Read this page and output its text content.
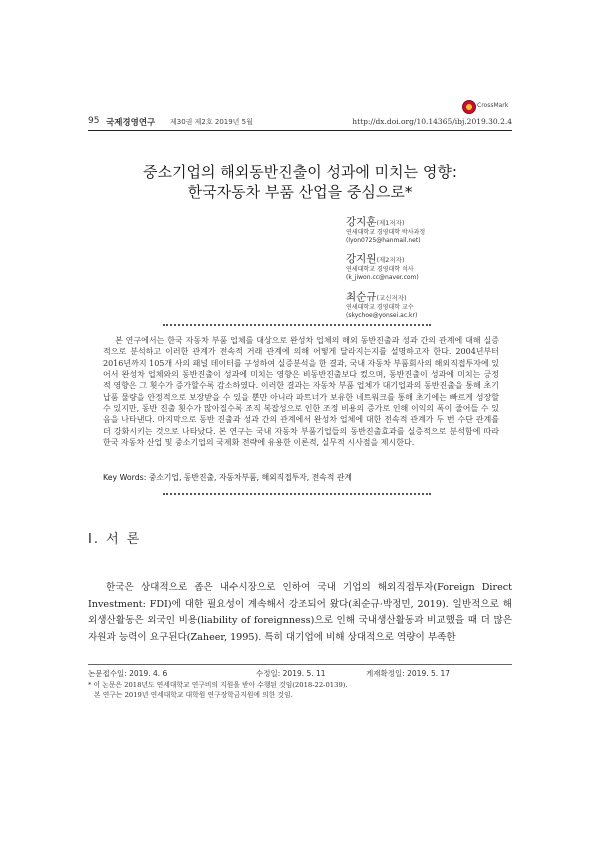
CrossMark
95 국제경영연구 제30권 제2호 2019년 5월	http://dx.doi.org/10.14365/ibj.2019.30.2.4
중소기업의 해외동반진출이 성과에 미치는 영향:
한국자동차 부품 산업을 중심으로*
강지훈(제1저자)
연세대학교 경영대학 박사과정
(lyon0725@hanmail.net)
강지원(제2저자)
연세대학교 경영대학 석사
(k_jiwon.cc@naver.com)
최순규(교신저자)
연세대학교 경영대학 교수
(skychoe@yonsei.ac.kr)

본 연구에서는 한국 자동차 부품 업체를 대상으로 완성차 업체의 해외 동반진출과 성과 간의 관계에 대해 실증적으로 분석하고 이러한 관계가 전속적 거래 관계에 의해 어떻게 달라지는지를 설명하고자 한다. 2004년부터 2016년까지 105개 사의 패널 데이터를 구성하여 실증분석을 한 결과, 국내 자동차 부품회사의 해외직접투자에 있어서 완성차 업체와의 동반진출이 성과에 미치는 영향은 비동반진출보다 컸으며, 동반진출이 성과에 미치는 긍정적 영향은 그 횟수가 증가할수록 감소하였다. 이러한 결과는 자동차 부품 업체가 대기업과의 동반진출을 통해 초기 납품 물량을 안정적으로 보장받을 수 있을 뿐만 아니라 파트너가 보유한 네트워크를 통해 초기에는 빠르게 성장할 수 있지만, 동반 진출 횟수가 많아질수록 조직 복잡성으로 인한 조정 비용의 증가로 인해 이익의 폭이 줄어들 수 있음을 나타낸다. 마지막으로 동반 진출과 성과 간의 관계에서 완성차 업체에 대한 전속적 관계가 두 번 수단 관계를 더 강화시키는 것으로 나타났다. 본 연구는 국내 자동차 부품기업들의 동반진출효과를 실증적으로 분석함에 따라 한국 자동차 산업 및 중소기업의 국제화 전략에 유용한 이론적, 실무적 시사점을 제시한다.

Key Words: 중소기업, 동반진출, 자동차부품, 해외직접투자, 전속적 관계
Ⅰ. 서 론

한국은 상대적으로 좁은 내수시장으로 인하여 국내 기업의 해외직접투자(Foreign Direct Investment: FDI)에 대한 필요성이 계속해서 강조되어 왔다(최순규·박정민, 2019). 일반적으로 해외생산활동은 외국인 비용(liability of foreignness)으로 인해 국내생산활동과 비교했을 때 더 많은 자원과 능력이 요구된다(Zaheer, 1995). 특히 대기업에 비해 상대적으로 역량이 부족한

논문접수일: 2019. 4. 6	수정일: 2019. 5. 11	게재확정일: 2019. 5. 17
* 이 논문은 2018년도 연세대학교 연구비의 지원을 받아 수행된 것임(2018-22-0139).
본 연구는 2019년 연세대학교 대학원 연구장학금지원에 의한 것임.
